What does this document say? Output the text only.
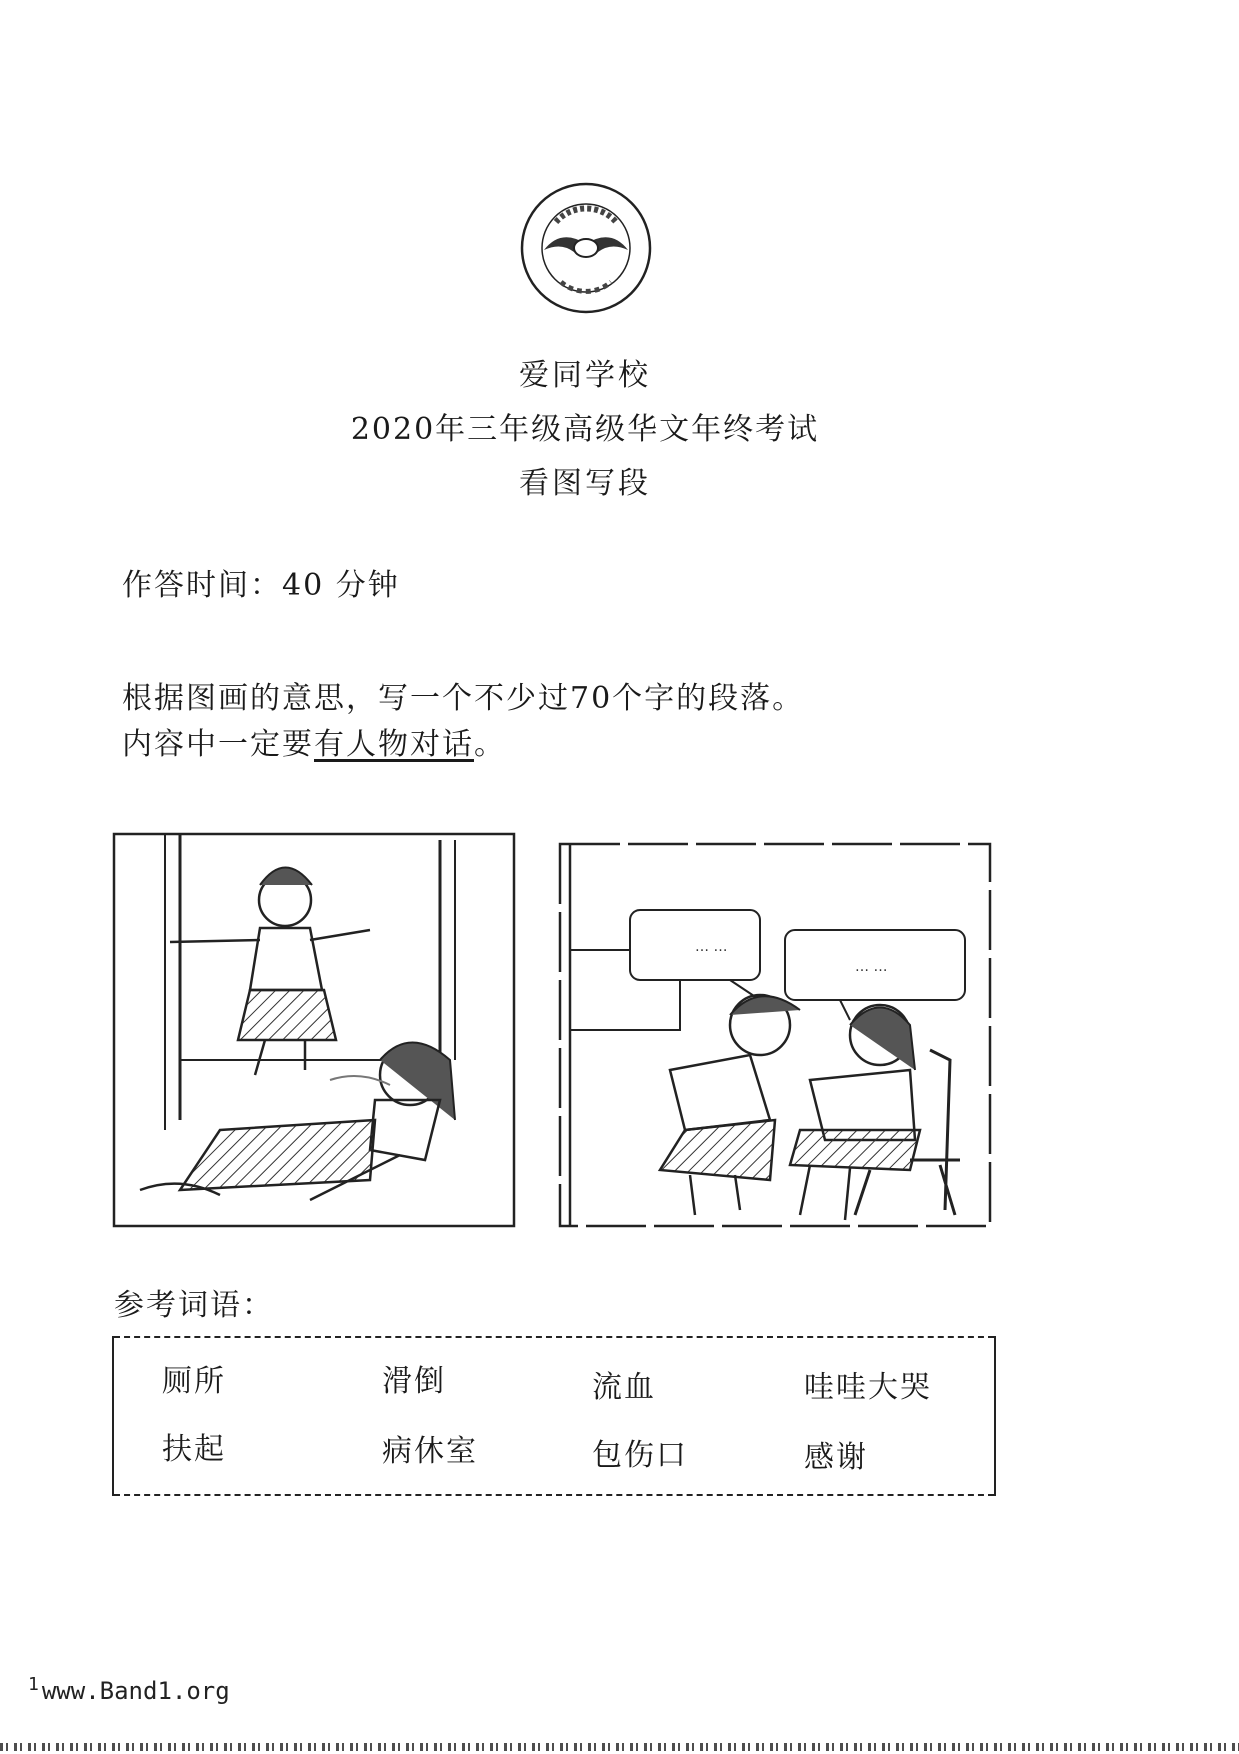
爱同学校
2020年三年级高级华文年终考试
看图写段
作答时间：40 分钟
根据图画的意思，写一个不少过70个字的段落。
内容中一定要有人物对话。
… …
… …
参考词语：
厕所	滑倒	流血	哇哇大哭
扶起	病休室	包伤口	感谢
$^1$ www.Band1.org
